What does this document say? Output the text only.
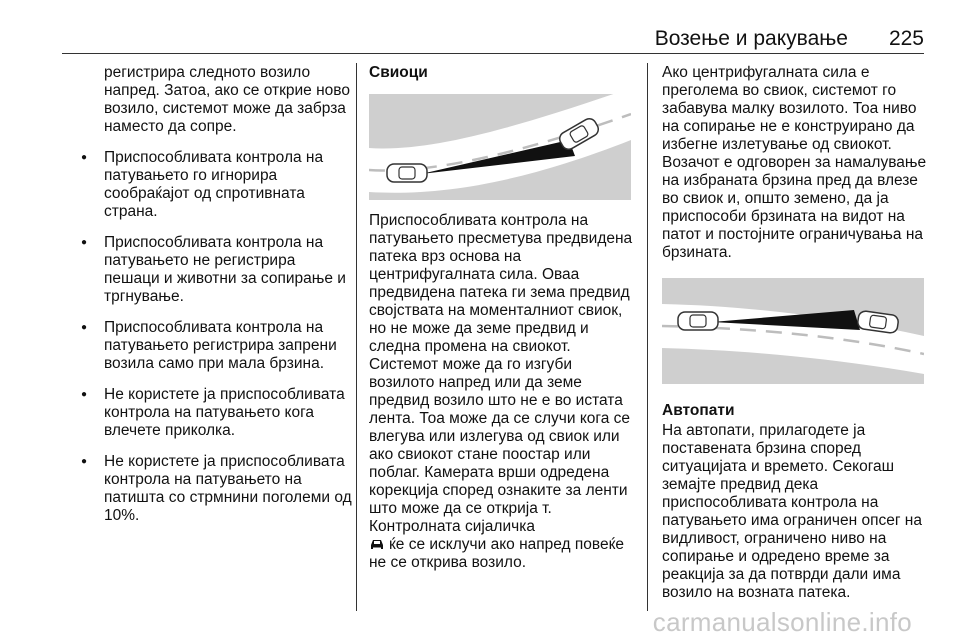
Возење и ракување 225

регистрира следното возило напред. Затоа, ако се открие ново возило, системот може да забрза наместо да сопре.

● Приспособливата контрола на патувањето го игнорира сообраќајот од спротивната страна.
● Приспособливата контрола на патувањето не регистрира пешаци и животни за сопирање и тргнување.
● Приспособливата контрола на патувањето регистрира запрени возила само при мала брзина.
● Не користете ја приспособливата контрола на патувањето кога влечете приколка.
● Не користете ја приспособливата контрола на патувањето на патишта со стрмнини поголеми од 10%.
Свиоци

Приспособливата контрола на патувањето пресметува предвидена патека врз основа на центрифугалната сила. Оваа предвидена патека ги зема предвид својствата на моменталниот свиок, но не може да земе предвид и следна промена на свиокот. Системот може да го изгуби возилото напред или да земе предвид возило што не е во истата лента. Тоа може да се случи кога се влегува или излегува од свиок или ако свиокот стане поостар или поблаг. Камерата врши одредена корекција според ознаките за ленти што може да се открија т. Контролната сијаличка
ќе се исклучи ако напред повеќе не се открива возило.

Ако центрифугалната сила е преголема во свиок, системот го забавува малку возилото. Тоа ниво на сопирање не е конструирано да избегне излетување од свиокот. Возачот е одговорен за намалување на избраната брзина пред да влезе во свиок и, општо земено, да ја приспособи брзината на видот на патот и постојните ограничувања на брзината.

Автопати

На автопати, прилагодете ја поставената брзина според ситуацијата и времето. Секогаш земајте предвид дека приспособливата контрола на патувањето има ограничен опсег на видливост, ограничено ниво на сопирање и одредено време за реакција за да потврди дали има возило на возната патека.

carmanualsonline.info
